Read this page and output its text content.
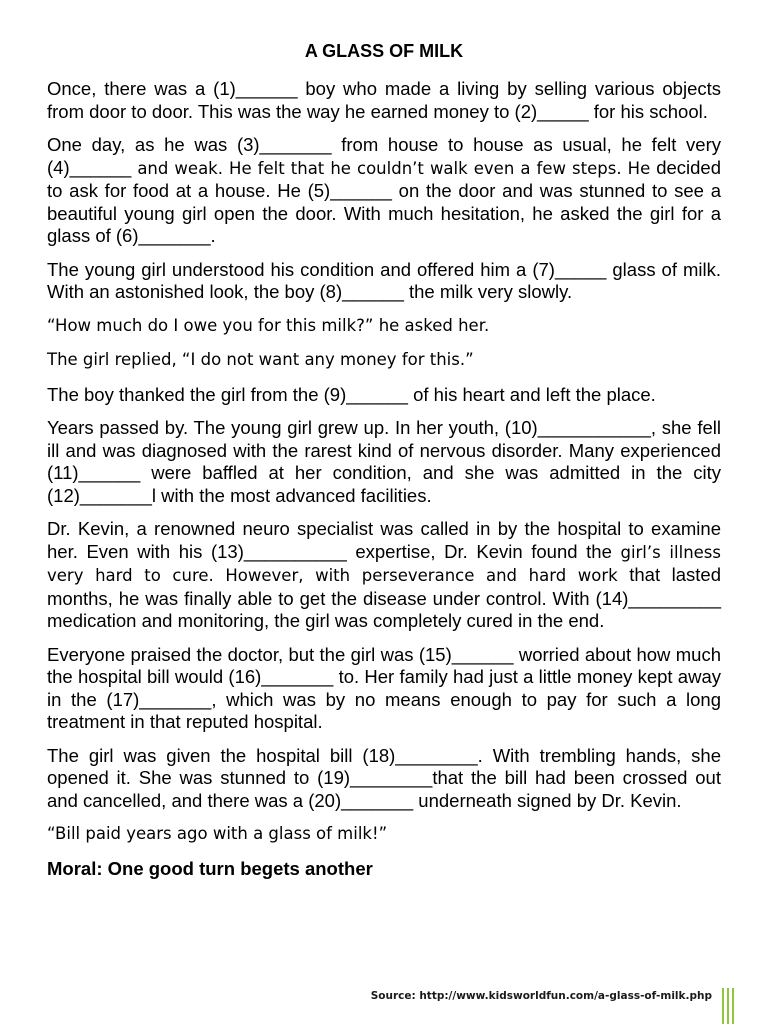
A GLASS OF MILK

Once, there was a (1)______ boy who made a living by selling various objects from door to door. This was the way he earned money to (2)_____ for his school.

One day, as he was (3)_______ from house to house as usual, he felt very (4)______ and weak. He felt that he couldn’t walk even a few steps. He decided to ask for food at a house. He (5)______ on the door and was stunned to see a beautiful young girl open the door. With much hesitation, he asked the girl for a glass of (6)_______.

The young girl understood his condition and offered him a (7)_____ glass of milk. With an astonished look, the boy (8)______ the milk very slowly.

“How much do I owe you for this milk?” he asked her.

The girl replied, “I do not want any money for this.”

The boy thanked the girl from the (9)______ of his heart and left the place.

Years passed by. The young girl grew up. In her youth, (10)___________, she fell ill and was diagnosed with the rarest kind of nervous disorder. Many experienced (11)______ were baffled at her condition, and she was admitted in the city (12)_______l with the most advanced facilities.

Dr. Kevin, a renowned neuro specialist was called in by the hospital to examine her. Even with his (13)__________ expertise, Dr. Kevin found the girl’s illness very hard to cure. However, with perseverance and hard work that lasted months, he was finally able to get the disease under control. With (14)_________ medication and monitoring, the girl was completely cured in the end.

Everyone praised the doctor, but the girl was (15)______ worried about how much the hospital bill would (16)_______ to. Her family had just a little money kept away in the (17)_______, which was by no means enough to pay for such a long treatment in that reputed hospital.

The girl was given the hospital bill (18)________. With trembling hands, she opened it. She was stunned to (19)________that the bill had been crossed out and cancelled, and there was a (20)_______ underneath signed by Dr. Kevin.

“Bill paid years ago with a glass of milk!”

Moral: One good turn begets another

Source: http://www.kidsworldfun.com/a-glass-of-milk.php
